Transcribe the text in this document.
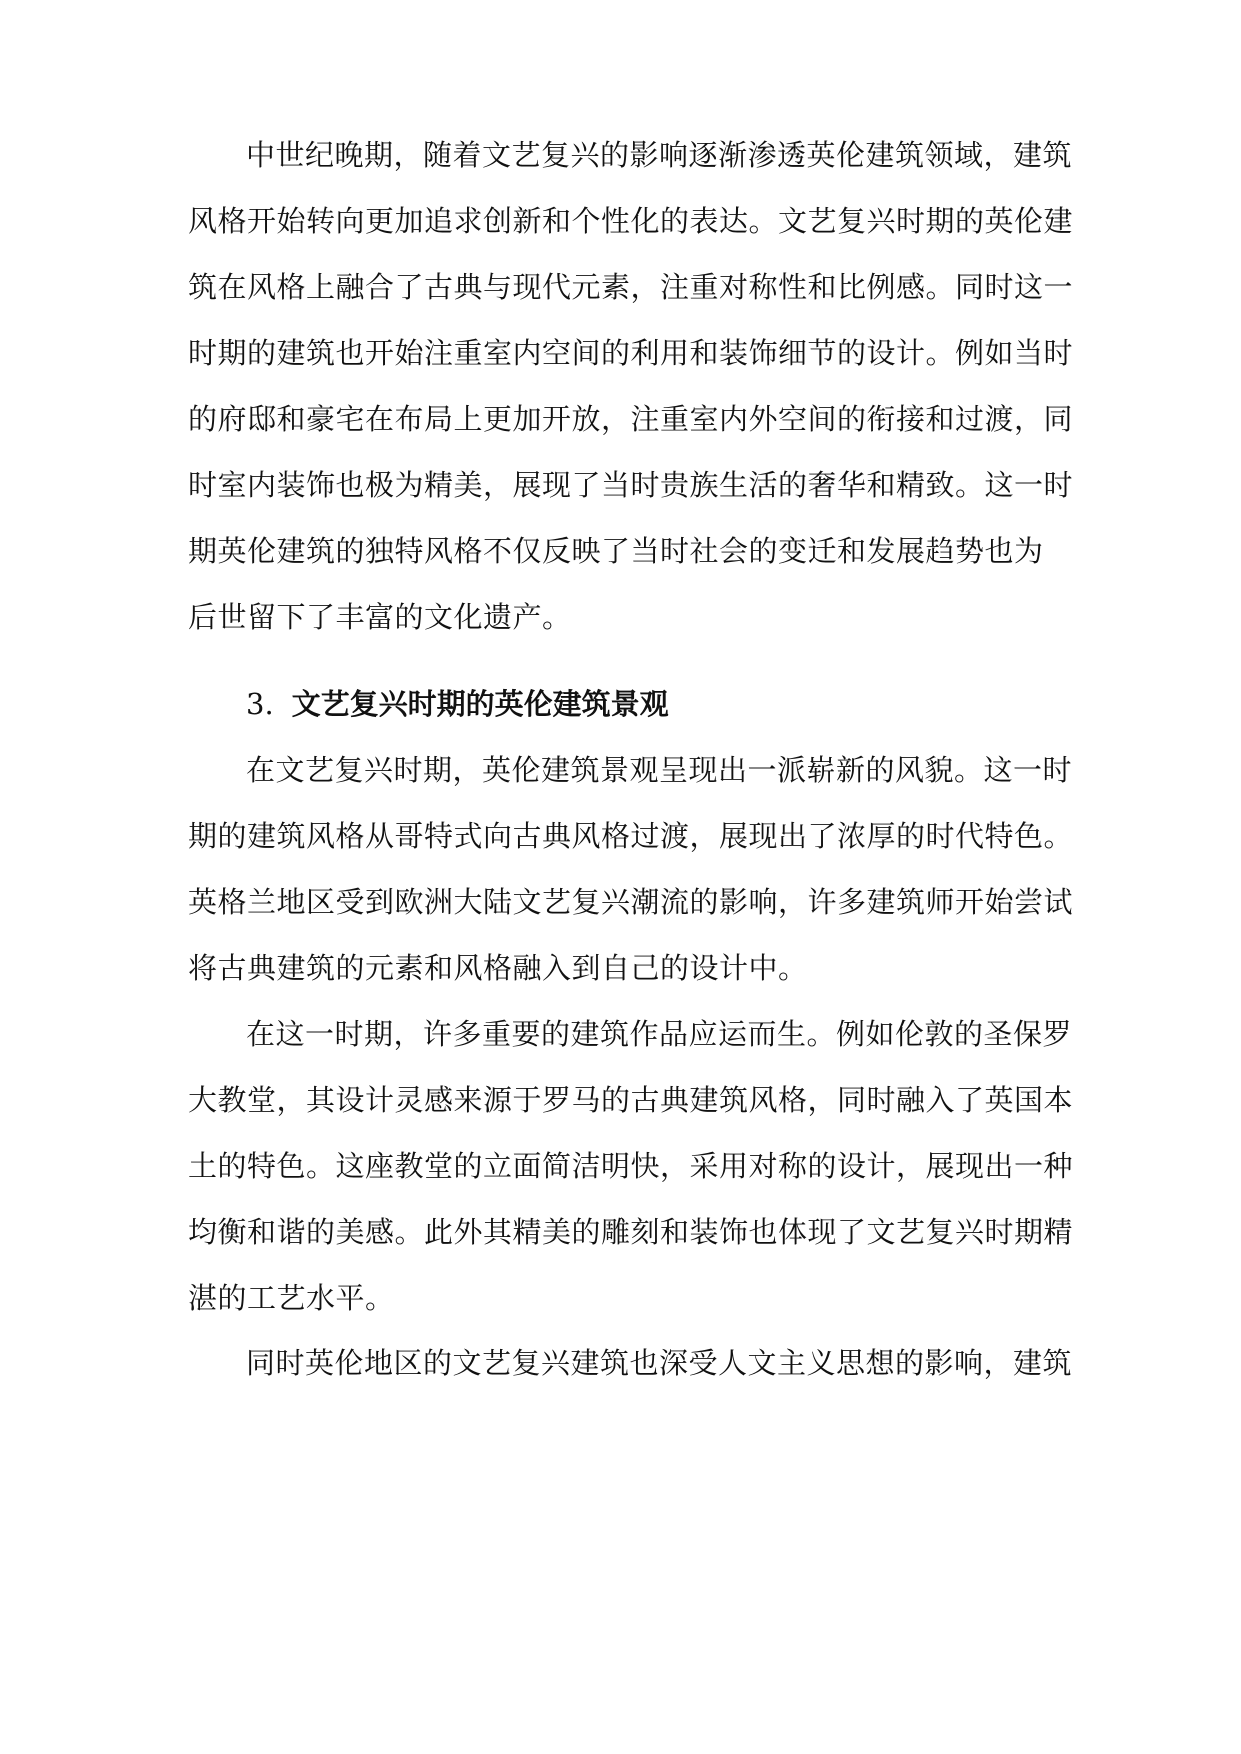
中世纪晚期，随着文艺复兴的影响逐渐渗透英伦建筑领域，建筑
风格开始转向更加追求创新和个性化的表达。文艺复兴时期的英伦建
筑在风格上融合了古典与现代元素，注重对称性和比例感。同时这一
时期的建筑也开始注重室内空间的利用和装饰细节的设计。例如当时
的府邸和豪宅在布局上更加开放，注重室内外空间的衔接和过渡，同
时室内装饰也极为精美，展现了当时贵族生活的奢华和精致。这一时
期英伦建筑的独特风格不仅反映了当时社会的变迁和发展趋势也为
后世留下了丰富的文化遗产。
3. 文艺复兴时期的英伦建筑景观
在文艺复兴时期，英伦建筑景观呈现出一派崭新的风貌。这一时
期的建筑风格从哥特式向古典风格过渡，展现出了浓厚的时代特色。
英格兰地区受到欧洲大陆文艺复兴潮流的影响，许多建筑师开始尝试
将古典建筑的元素和风格融入到自己的设计中。
在这一时期，许多重要的建筑作品应运而生。例如伦敦的圣保罗
大教堂，其设计灵感来源于罗马的古典建筑风格，同时融入了英国本
土的特色。这座教堂的立面简洁明快，采用对称的设计，展现出一种
均衡和谐的美感。此外其精美的雕刻和装饰也体现了文艺复兴时期精
湛的工艺水平。
同时英伦地区的文艺复兴建筑也深受人文主义思想的影响，建筑
